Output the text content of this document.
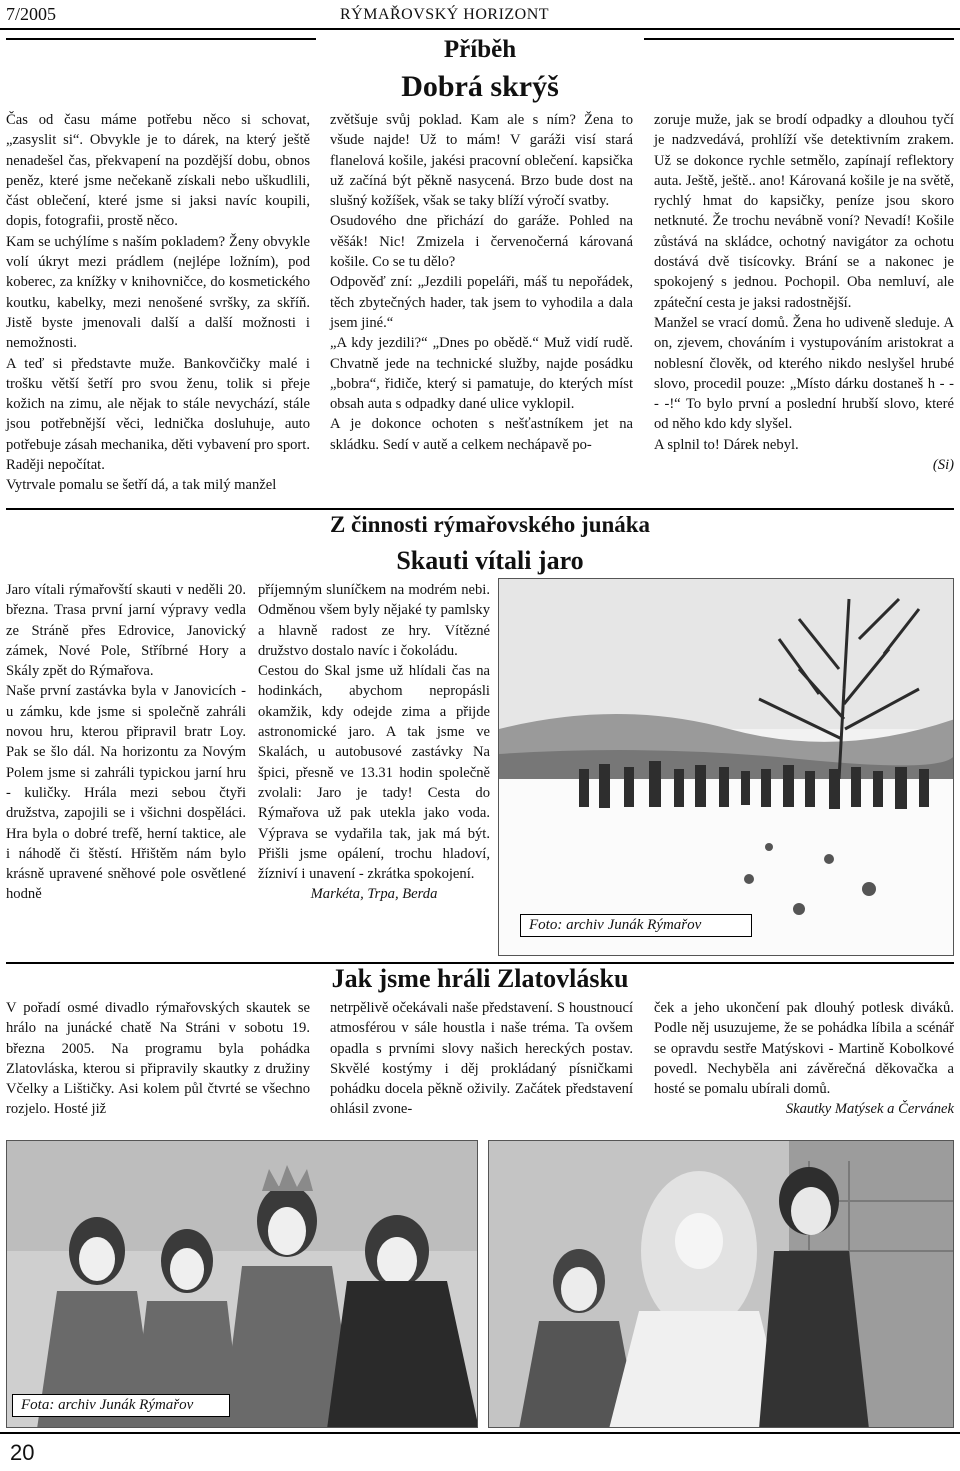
7/2005	RÝMAŘOVSKÝ HORIZONT
Příběh
Dobrá skrýš

Čas od času máme potřebu něco si schovat, „zasyslit si“. Obvykle je to dárek, na který ještě nenadešel čas, překvapení na pozdější dobu, obnos peněz, které jsme nečekaně získali nebo uškudlili, část oblečení, které jsme si jaksi navíc koupili, dopis, fotografii, prostě něco.

Kam se uchýlíme s naším pokladem? Ženy obvykle volí úkryt mezi prádlem (nejlépe ložním), pod koberec, za knížky v knihovničce, do kosmetického koutku, kabelky, mezi nenošené svršky, za skříň. Jistě byste jmenovali další a další možnosti i nemožnosti.

A teď si představte muže. Bankovčičky malé i trošku větší šetří pro svou ženu, tolik si přeje kožich na zimu, ale nějak to stále nevychází, stále jsou potřebnější věci, lednička dosluhuje, auto potřebuje zásah mechanika, děti vybavení pro sport. Raději nepočítat.

Vytrvale pomalu se šetří dá, a tak milý manžel

zvětšuje svůj poklad. Kam ale s ním? Žena to všude najde! Už to mám! V garáži visí stará flanelová košile, jakési pracovní oblečení. kapsička už začíná být pěkně nasycená. Brzo bude dost na slušný kožíšek, však se taky blíží výročí svatby.

Osudového dne přichází do garáže. Pohled na věšák! Nic! Zmizela i červenočerná károvaná košile. Co se tu dělo?

Odpověď zní: „Jezdili popeláři, máš tu nepořádek, těch zbytečných hader, tak jsem to vyhodila a dala jsem jiné.“

„A kdy jezdili?“ „Dnes po obědě.“ Muž vidí rudě. Chvatně jede na technické služby, najde posádku „bobra“, řidiče, který si pamatuje, do kterých míst obsah auta s odpadky dané ulice vyklopil.

A je dokonce ochoten s nešťastníkem jet na skládku. Sedí v autě a celkem nechápavě po-

zoruje muže, jak se brodí odpadky a dlouhou tyčí je nadzvedává, prohlíží vše detektivním zrakem. Už se dokonce rychle setmělo, zapínají reflektory auta. Ještě, ještě.. ano! Károvaná košile je na světě, rychlý hmat do kapsičky, peníze jsou skoro netknuté. Že trochu nevábně voní? Nevadí! Košile zůstává na skládce, ochotný navigátor za ochotu dostává dvě tisícovky. Brání se a nakonec je spokojený s jednou. Pochopil. Oba nemluví, ale zpáteční cesta je jaksi radostnější.

Manžel se vrací domů. Žena ho udiveně sleduje. A on, zjevem, chováním i vystupováním aristokrat a noblesní člověk, od kterého nikdo neslyšel hrubé slovo, procedil pouze: „Místo dárku dostaneš h - - - -!“ To bylo první a poslední hrubší slovo, které od něho kdo kdy slyšel.

A splnil to! Dárek nebyl.

(Si)

Z činnosti rýmařovského junáka
Skauti vítali jaro

Jaro vítali rýmařovští skauti v neděli 20. března. Trasa první jarní výpravy vedla ze Stráně přes Edrovice, Janovický zámek, Nové Pole, Stříbrné Hory a Skály zpět do Rýmařova.

Naše první zastávka byla v Janovicích - u zámku, kde jsme si společně zahráli novou hru, kterou připravil bratr Loy. Pak se šlo dál. Na horizontu za Novým Polem jsme si zahráli typickou jarní hru - kuličky. Hrála mezi sebou čtyři družstva, zapojili se i všichni dospěláci. Hra byla o dobré trefě, herní taktice, ale i náhodě či štěstí. Hřištěm nám bylo krásně upravené sněhové pole osvětlené hodně

příjemným sluníčkem na modrém nebi. Odměnou všem byly nějaké ty pamlsky a hlavně radost ze hry. Vítězné družstvo dostalo navíc i čokoládu.

Cestou do Skal jsme už hlídali čas na hodinkách, abychom nepropásli okamžik, kdy odejde zima a přijde astronomické jaro. A tak jsme ve Skalách, u autobusové zastávky Na špici, přesně ve 13.31 hodin společně zvolali: Jaro je tady! Cesta do Rýmařova už pak utekla jako voda. Výprava se vydařila tak, jak má být. Přišli jsme opálení, trochu hladoví, žízniví i unavení - zkrátka spokojení.

Markéta, Trpa, Berda

Foto: archiv Junák Rýmařov
Jak jsme hráli Zlatovlásku

V pořadí osmé divadlo rýmařovských skautek se hrálo na junácké chatě Na Stráni v sobotu 19. března 2005. Na programu byla pohádka Zlatovláska, kterou si připravily skautky z družiny Včelky a Lištičky. Asi kolem půl čtvrté se všechno rozjelo. Hosté již

netrpělivě očekávali naše představení. S houstnoucí atmosférou v sále houstla i naše tréma. Ta ovšem opadla s prvními slovy našich hereckých postav. Skvělé kostýmy i děj prokládaný písničkami pohádku docela pěkně oživily. Začátek představení ohlásil zvone-

ček a jeho ukončení pak dlouhý potlesk diváků. Podle něj usuzujeme, že se pohádka líbila a scénář se opravdu sestře Matýskovi - Martině Kobolkové povedl. Nechyběla ani závěrečná děkovačka a hosté se pomalu ubírali domů.

Skautky Matýsek a Červánek

Fota: archiv Junák Rýmařov
20
